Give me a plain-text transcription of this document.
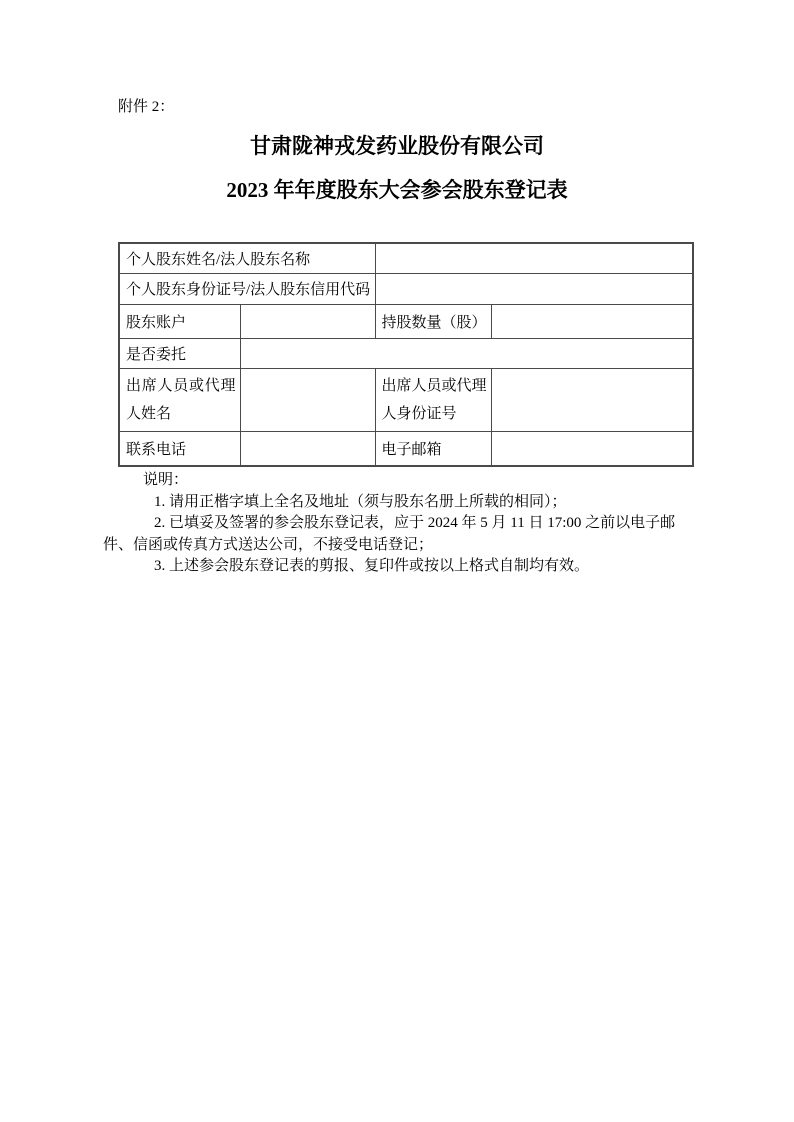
附件 2：
甘肃陇神戎发药业股份有限公司
2023 年年度股东大会参会股东登记表
个人股东姓名/法人股东名称			
个人股东身份证号/法人股东信用代码			
股东账户		持股数量（股）	
是否委托			
出席人员或代理人姓名		出席人员或代理人身份证号	
联系电话		电子邮箱	

说明：

1. 请用正楷字填上全名及地址（须与股东名册上所载的相同）；

2. 已填妥及签署的参会股东登记表，应于 2024 年 5 月 11 日 17:00 之前以电子邮件、信函或传真方式送达公司，不接受电话登记；

3. 上述参会股东登记表的剪报、复印件或按以上格式自制均有效。
